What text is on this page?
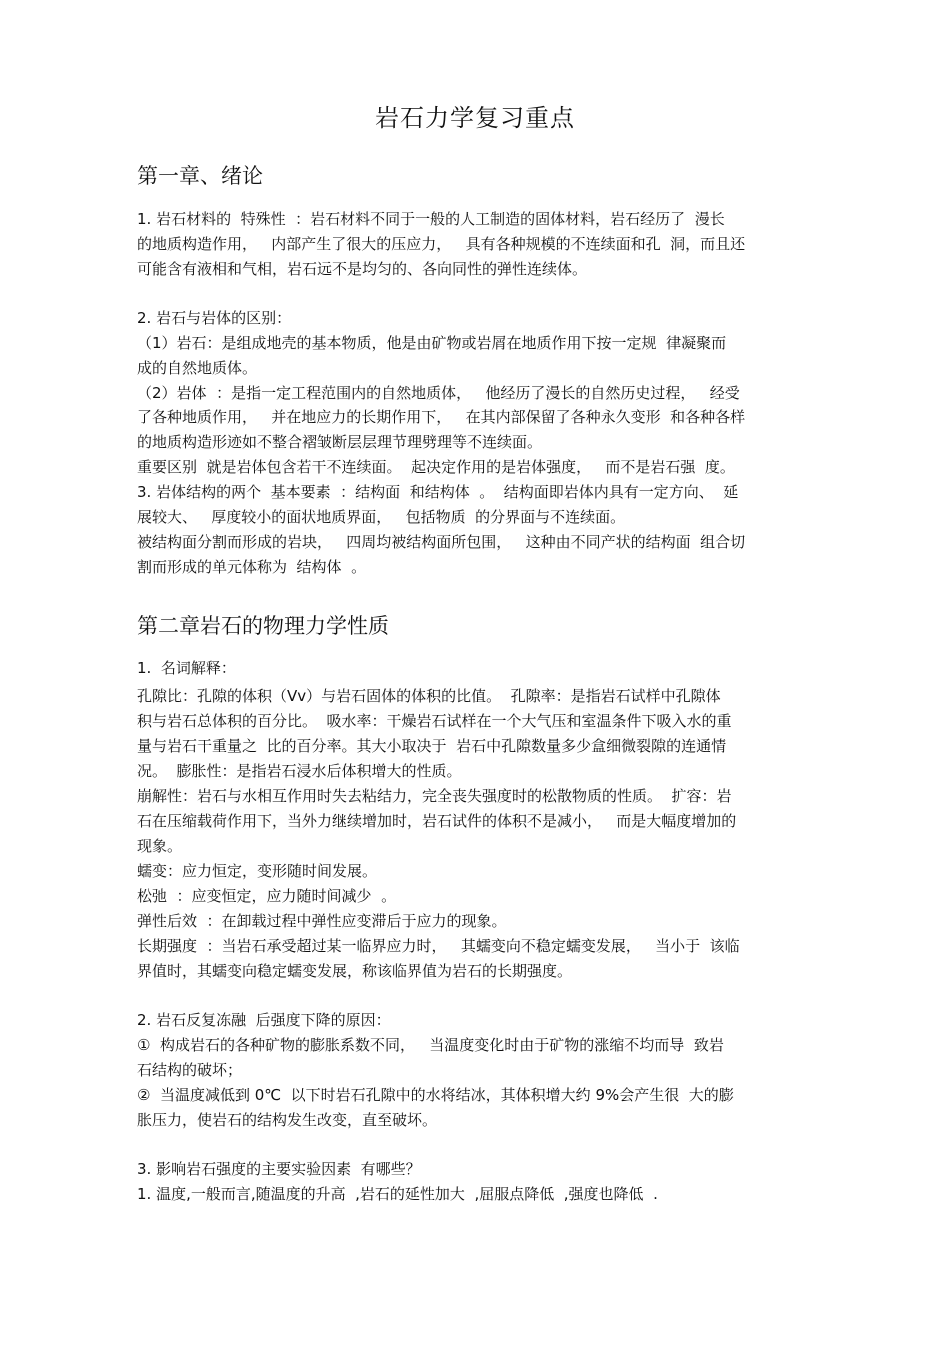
岩石力学复习重点
第一章、绪论
1. 岩石材料的  特殊性  ：岩石材料不同于一般的人工制造的固体材料，岩石经历了  漫长
的地质构造作用，   内部产生了很大的压应力，   具有各种规模的不连续面和孔  洞，而且还
可能含有液相和气相，岩石远不是均匀的、各向同性的弹性连续体。
2. 岩石与岩体的区别：
（1）岩石：是组成地壳的基本物质，他是由矿物或岩屑在地质作用下按一定规  律凝聚而
成的自然地质体。
（2）岩体  ：是指一定工程范围内的自然地质体，   他经历了漫长的自然历史过程，   经受
了各种地质作用，   并在地应力的长期作用下，   在其内部保留了各种永久变形  和各种各样
的地质构造形迹如不整合褶皱断层层理节理劈理等不连续面。
重要区别  就是岩体包含若干不连续面。  起决定作用的是岩体强度，   而不是岩石强  度。
3. 岩体结构的两个  基本要素  ：结构面  和结构体  。  结构面即岩体内具有一定方向、  延
展较大、   厚度较小的面状地质界面，   包括物质  的分界面与不连续面。
被结构面分割而形成的岩块，   四周均被结构面所包围，   这种由不同产状的结构面  组合切
割而形成的单元体称为  结构体  。
第二章岩石的物理力学性质
1.  名词解释：
孔隙比：孔隙的体积（Vv）与岩石固体的体积的比值。  孔隙率：是指岩石试样中孔隙体
积与岩石总体积的百分比。  吸水率：干燥岩石试样在一个大气压和室温条件下吸入水的重
量与岩石干重量之  比的百分率。其大小取决于  岩石中孔隙数量多少盒细微裂隙的连通情
况。  膨胀性：是指岩石浸水后体积增大的性质。
崩解性：岩石与水相互作用时失去粘结力，完全丧失强度时的松散物质的性质。  扩容：岩
石在压缩载荷作用下，当外力继续增加时，岩石试件的体积不是减小，   而是大幅度增加的
现象。
蠕变：应力恒定，变形随时间发展。
松弛  ：应变恒定，应力随时间减少  。
弹性后效  ：在卸载过程中弹性应变滞后于应力的现象。
长期强度  ：当岩石承受超过某一临界应力时，   其蠕变向不稳定蠕变发展，   当小于  该临
界值时，其蠕变向稳定蠕变发展，称该临界值为岩石的长期强度。
2. 岩石反复冻融  后强度下降的原因：
①  构成岩石的各种矿物的膨胀系数不同，   当温度变化时由于矿物的涨缩不均而导  致岩
石结构的破坏；
②  当温度减低到 0℃  以下时岩石孔隙中的水将结冰，其体积增大约 9%会产生很  大的膨
胀压力，使岩石的结构发生改变，直至破坏。
3. 影响岩石强度的主要实验因素  有哪些？
1. 温度,一般而言,随温度的升高  ,岩石的延性加大  ,屈服点降低  ,强度也降低  .
